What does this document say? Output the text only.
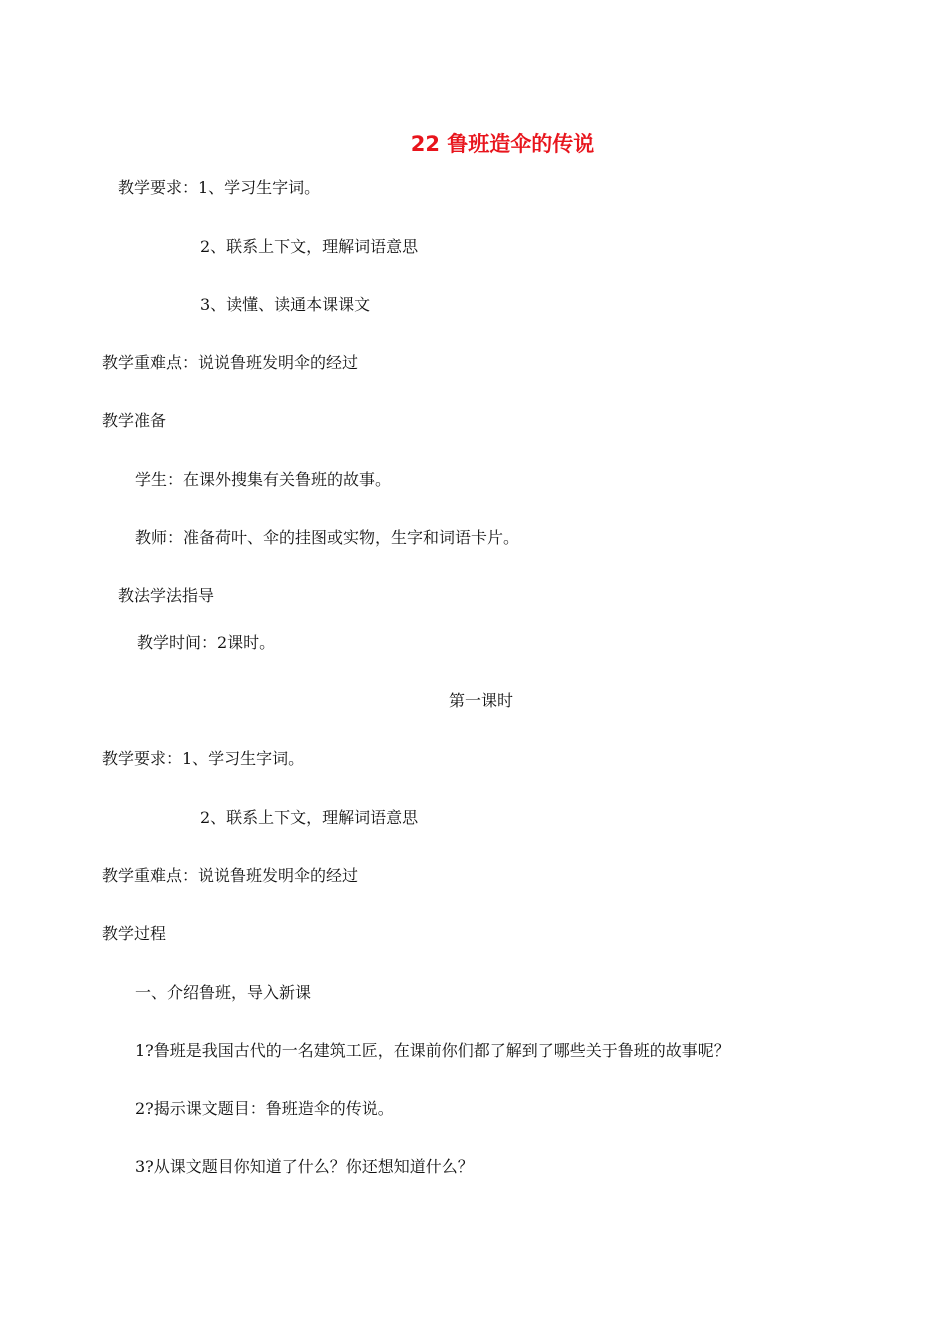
22 鲁班造伞的传说
教学要求：1、学习生字词。
2、联系上下文，理解词语意思
3、读懂、读通本课课文
教学重难点：说说鲁班发明伞的经过
教学准备
学生：在课外搜集有关鲁班的故事。
教师：准备荷叶、伞的挂图或实物，生字和词语卡片。
教法学法指导
教学时间：2课时。
第一课时
教学要求：1、学习生字词。
2、联系上下文，理解词语意思
教学重难点：说说鲁班发明伞的经过
教学过程
一、介绍鲁班，导入新课
1?鲁班是我国古代的一名建筑工匠，在课前你们都了解到了哪些关于鲁班的故事呢？
2?揭示课文题目：鲁班造伞的传说。
3?从课文题目你知道了什么？你还想知道什么？
